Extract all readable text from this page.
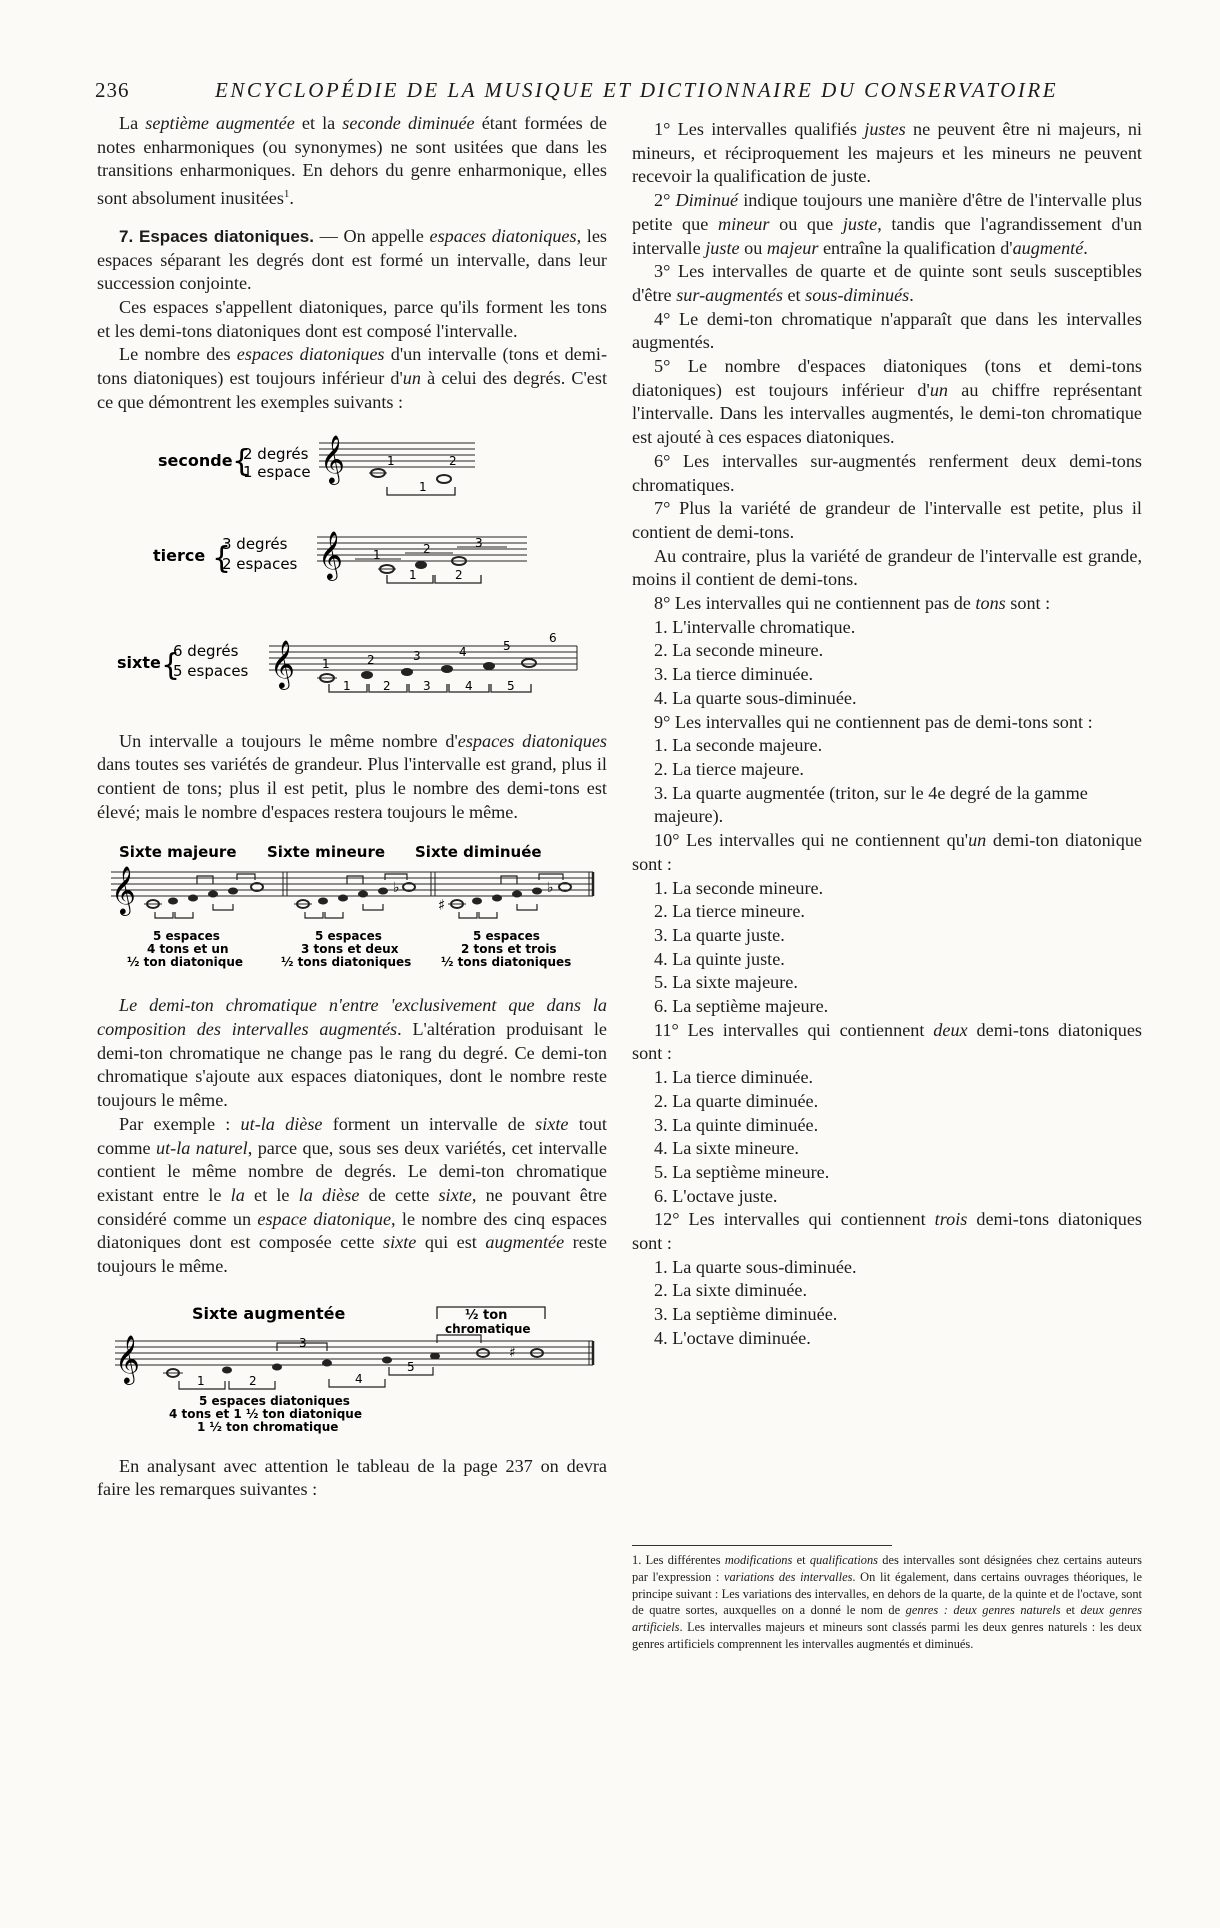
236	ENCYCLOPÉDIE DE LA MUSIQUE ET DICTIONNAIRE DU CONSERVATOIRE

La septième augmentée et la seconde diminuée étant formées de notes enharmoniques (ou synonymes) ne sont usitées que dans les transitions enharmoniques. En dehors du genre enharmonique, elles sont absolument inusitées$^1$.

7. Espaces diatoniques. — On appelle espaces diatoniques, les espaces séparant les degrés dont est formé un intervalle, dans leur succession conjointe.

Ces espaces s'appellent diatoniques, parce qu'ils forment les tons et les demi-tons diatoniques dont est composé l'intervalle.

Le nombre des espaces diatoniques d'un intervalle (tons et demi-tons diatoniques) est toujours inférieur d'un à celui des degrés. C'est ce que démontrent les exemples suivants :

seconde {
2 degrés
1 espace 𝄞	1	2
1
tierce {
3 degrés
2 espaces 𝄞	1	2	3
1	2
sixte {
6 degrés
5 espaces 𝄞 1	2	3	4	5
6
1	2	3	4	5

Un intervalle a toujours le même nombre d'espaces diatoniques dans toutes ses variétés de grandeur. Plus l'intervalle est grand, plus il contient de tons; plus il est petit, plus le nombre des demi-tons est élevé; mais le nombre d'espaces restera toujours le même.

Sixte majeure Sixte mineure Sixte diminuée
𝄞	♭
♯
♭
5 espaces
4 tons et un
½ ton diatonique
5 espaces
3 tons et deux
½ tons diatoniques
5 espaces
2 tons et trois
½ tons diatoniques

Le demi-ton chromatique n'entre 'exclusivement que dans la composition des intervalles augmentés. L'altération produisant le demi-ton chromatique ne change pas le rang du degré. Ce demi-ton chromatique s'ajoute aux espaces diatoniques, dont le nombre reste toujours le même.

Par exemple : ut-la dièse forment un intervalle de sixte tout comme ut-la naturel, parce que, sous ses deux variétés, cet intervalle contient le même nombre de degrés. Le demi-ton chromatique existant entre le la et le la dièse de cette sixte, ne pouvant être considéré comme un espace diatonique, le nombre des cinq espaces diatoniques dont est composée cette sixte qui est augmentée reste toujours le même.

Sixte augmentée	½ ton
chromatique
𝄞	♯
1	2
3
4
5
5 espaces diatoniques
4 tons et 1 ½ ton diatonique
1 ½ ton chromatique

En analysant avec attention le tableau de la page 237 on devra faire les remarques suivantes :

1° Les intervalles qualifiés justes ne peuvent être ni majeurs, ni mineurs, et réciproquement les majeurs et les mineurs ne peuvent recevoir la qualification de juste.

2° Diminué indique toujours une manière d'être de l'intervalle plus petite que mineur ou que juste, tandis que l'agrandissement d'un intervalle juste ou majeur entraîne la qualification d'augmenté.

3° Les intervalles de quarte et de quinte sont seuls susceptibles d'être sur-augmentés et sous-diminués.

4° Le demi-ton chromatique n'apparaît que dans les intervalles augmentés.

5° Le nombre d'espaces diatoniques (tons et demi-tons diatoniques) est toujours inférieur d'un au chiffre représentant l'intervalle. Dans les intervalles augmentés, le demi-ton chromatique est ajouté à ces espaces diatoniques.

6° Les intervalles sur-augmentés renferment deux demi-tons chromatiques.

7° Plus la variété de grandeur de l'intervalle est petite, plus il contient de demi-tons.

Au contraire, plus la variété de grandeur de l'intervalle est grande, moins il contient de demi-tons.

8° Les intervalles qui ne contiennent pas de tons sont :

1. L'intervalle chromatique.
2. La seconde mineure.
3. La tierce diminuée.
4. La quarte sous-diminuée.

9° Les intervalles qui ne contiennent pas de demi-tons sont :

1. La seconde majeure.
2. La tierce majeure.
3. La quarte augmentée (triton, sur le 4e degré de la gamme majeure).

10° Les intervalles qui ne contiennent qu'un demi-ton diatonique sont :

1. La seconde mineure.
2. La tierce mineure.
3. La quarte juste.
4. La quinte juste.
5. La sixte majeure.
6. La septième majeure.

11° Les intervalles qui contiennent deux demi-tons diatoniques sont :

1. La tierce diminuée.
2. La quarte diminuée.
3. La quinte diminuée.
4. La sixte mineure.
5. La septième mineure.
6. L'octave juste.

12° Les intervalles qui contiennent trois demi-tons diatoniques sont :

1. La quarte sous-diminuée.
2. La sixte diminuée.
3. La septième diminuée.
4. L'octave diminuée.

1. Les différentes modifications et qualifications des intervalles sont désignées chez certains auteurs par l'expression : variations des intervalles. On lit également, dans certains ouvrages théoriques, le principe suivant : Les variations des intervalles, en dehors de la quarte, de la quinte et de l'octave, sont de quatre sortes, auxquelles on a donné le nom de genres : deux genres naturels et deux genres artificiels. Les intervalles majeurs et mineurs sont classés parmi les deux genres naturels : les deux genres artificiels comprennent les intervalles augmentés et diminués.
